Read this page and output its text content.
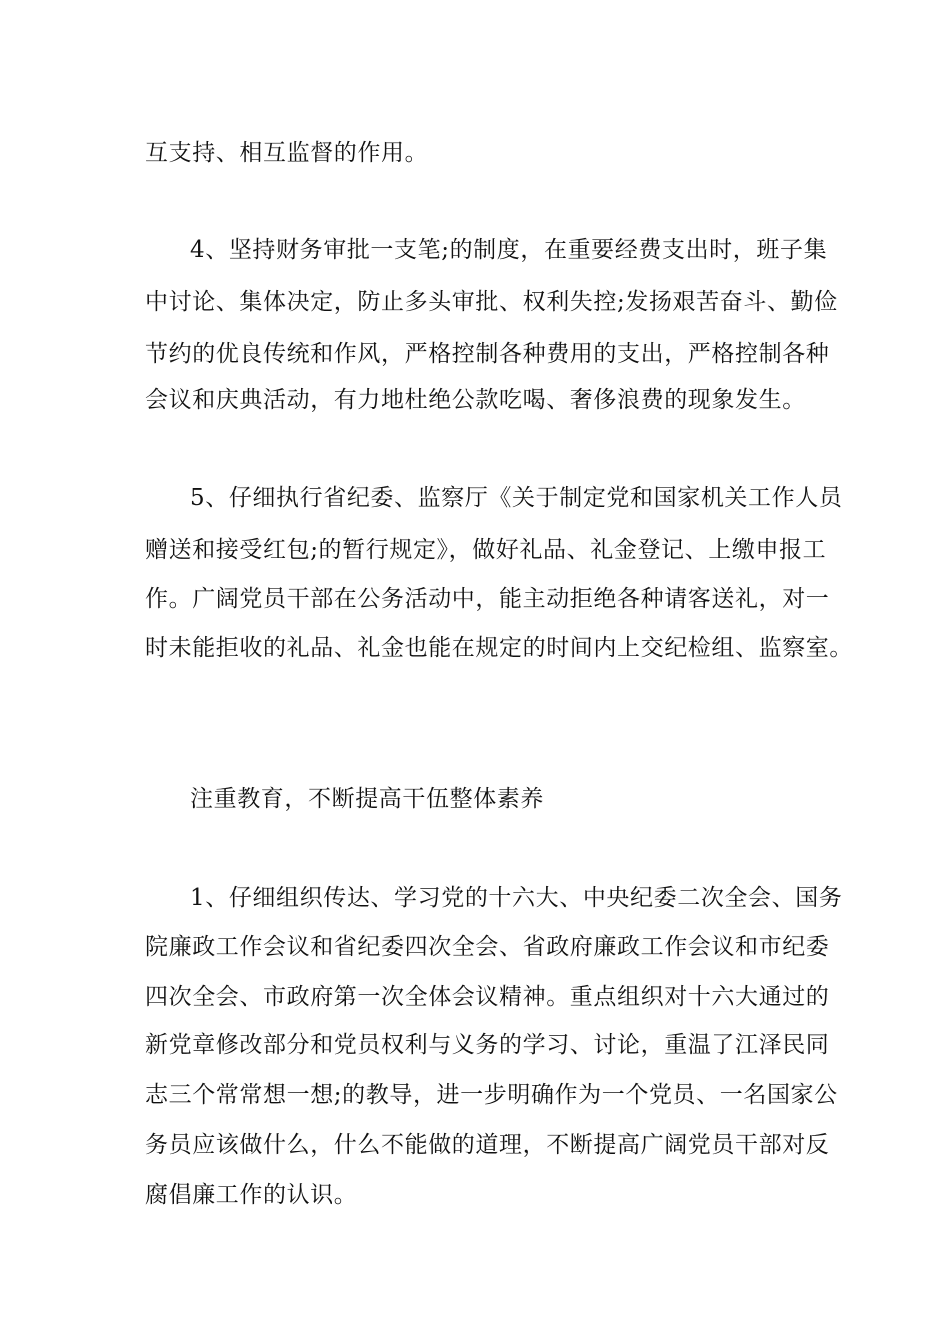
互支持、相互监督的作用。
4、坚持财务审批一支笔;的制度，在重要经费支出时，班子集
中讨论、集体决定，防止多头审批、权利失控;发扬艰苦奋斗、勤俭
节约的优良传统和作风，严格控制各种费用的支出，严格控制各种
会议和庆典活动，有力地杜绝公款吃喝、奢侈浪费的现象发生。
5、仔细执行省纪委、监察厅《关于制定党和国家机关工作人员
赠送和接受红包;的暂行规定》，做好礼品、礼金登记、上缴申报工
作。广阔党员干部在公务活动中，能主动拒绝各种请客送礼，对一
时未能拒收的礼品、礼金也能在规定的时间内上交纪检组、监察室。
注重教育，不断提高干伍整体素养
1、仔细组织传达、学习党的十六大、中央纪委二次全会、国务
院廉政工作会议和省纪委四次全会、省政府廉政工作会议和市纪委
四次全会、市政府第一次全体会议精神。重点组织对十六大通过的
新党章修改部分和党员权利与义务的学习、讨论，重温了江泽民同
志三个常常想一想;的教导，进一步明确作为一个党员、一名国家公
务员应该做什么，什么不能做的道理，不断提高广阔党员干部对反
腐倡廉工作的认识。
